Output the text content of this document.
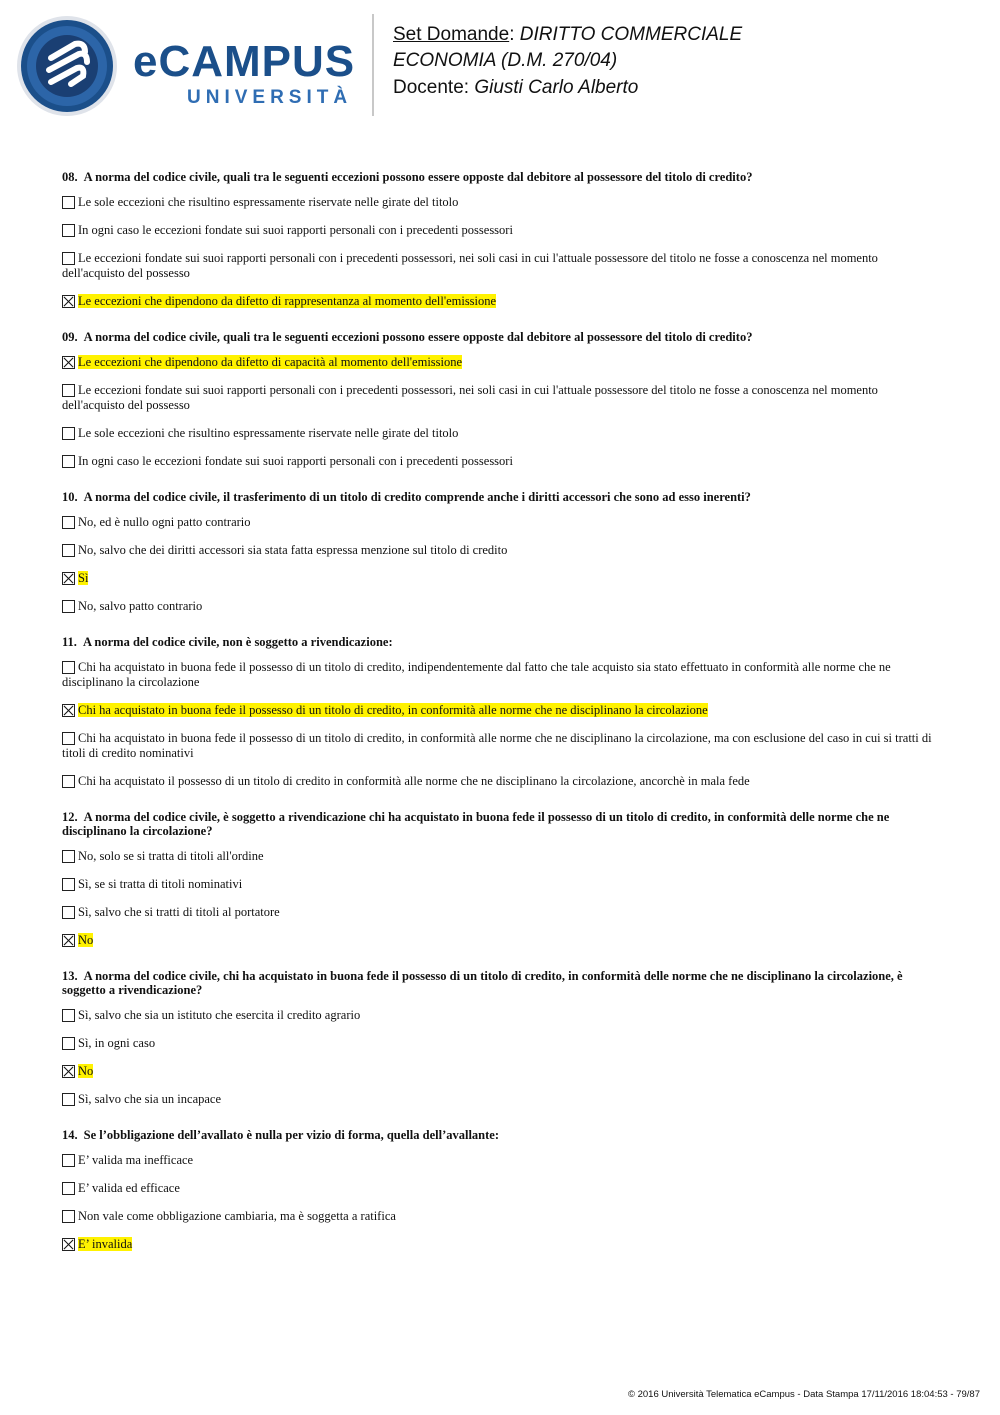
eCAMPUS
UNIVERSITÀ
Set Domande: DIRITTO COMMERCIALE
ECONOMIA (D.M. 270/04)
Docente: Giusti Carlo Alberto
08. A norma del codice civile, quali tra le seguenti eccezioni possono essere opposte dal debitore al possessore del titolo di credito?
Le sole eccezioni che risultino espressamente riservate nelle girate del titolo
In ogni caso le eccezioni fondate sui suoi rapporti personali con i precedenti possessori
Le eccezioni fondate sui suoi rapporti personali con i precedenti possessori, nei soli casi in cui l'attuale possessore del titolo ne fosse a conoscenza nel momento dell'acquisto del possesso
Le eccezioni che dipendono da difetto di rappresentanza al momento dell'emissione
09. A norma del codice civile, quali tra le seguenti eccezioni possono essere opposte dal debitore al possessore del titolo di credito?
Le eccezioni che dipendono da difetto di capacità al momento dell'emissione
Le eccezioni fondate sui suoi rapporti personali con i precedenti possessori, nei soli casi in cui l'attuale possessore del titolo ne fosse a conoscenza nel momento dell'acquisto del possesso
Le sole eccezioni che risultino espressamente riservate nelle girate del titolo
In ogni caso le eccezioni fondate sui suoi rapporti personali con i precedenti possessori
10. A norma del codice civile, il trasferimento di un titolo di credito comprende anche i diritti accessori che sono ad esso inerenti?
No, ed è nullo ogni patto contrario
No, salvo che dei diritti accessori sia stata fatta espressa menzione sul titolo di credito
Sì
No, salvo patto contrario
11. A norma del codice civile, non è soggetto a rivendicazione:
Chi ha acquistato in buona fede il possesso di un titolo di credito, indipendentemente dal fatto che tale acquisto sia stato effettuato in conformità alle norme che ne disciplinano la circolazione
Chi ha acquistato in buona fede il possesso di un titolo di credito, in conformità alle norme che ne disciplinano la circolazione
Chi ha acquistato in buona fede il possesso di un titolo di credito, in conformità alle norme che ne disciplinano la circolazione, ma con esclusione del caso in cui si tratti di titoli di credito nominativi
Chi ha acquistato il possesso di un titolo di credito in conformità alle norme che ne disciplinano la circolazione, ancorchè in mala fede
12. A norma del codice civile, è soggetto a rivendicazione chi ha acquistato in buona fede il possesso di un titolo di credito, in conformità delle norme che ne disciplinano la circolazione?
No, solo se si tratta di titoli all'ordine
Sì, se si tratta di titoli nominativi
Sì, salvo che si tratti di titoli al portatore
No
13. A norma del codice civile, chi ha acquistato in buona fede il possesso di un titolo di credito, in conformità delle norme che ne disciplinano la circolazione, è soggetto a rivendicazione?
Sì, salvo che sia un istituto che esercita il credito agrario
Sì, in ogni caso
No
Sì, salvo che sia un incapace
14. Se l’obbligazione dell’avallato è nulla per vizio di forma, quella dell’avallante:
E’ valida ma inefficace
E’ valida ed efficace
Non vale come obbligazione cambiaria, ma è soggetta a ratifica
E’ invalida
© 2016 Università Telematica eCampus - Data Stampa 17/11/2016 18:04:53 - 79/87
